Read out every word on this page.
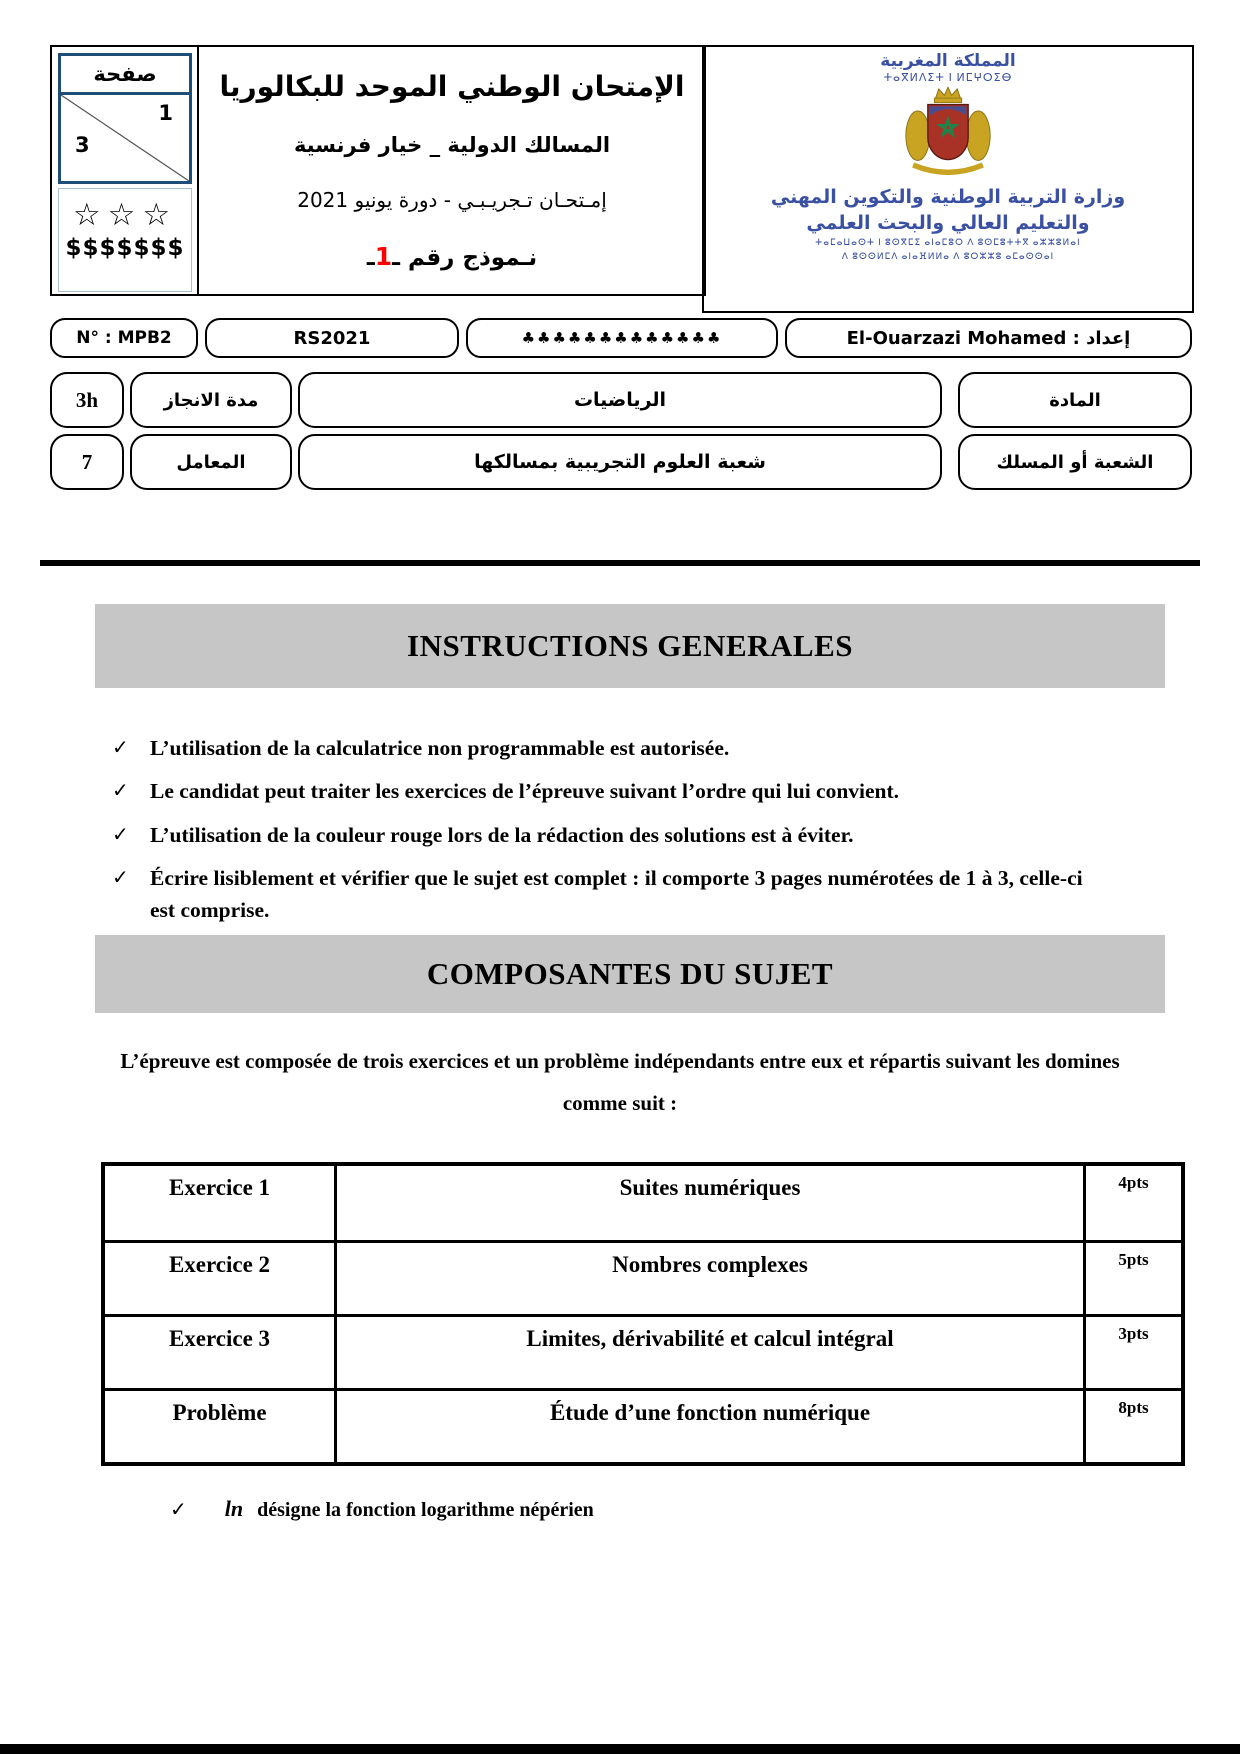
صفحة
1
3
☆☆☆
$$$$$$$
الإمتحان الوطني الموحد للبكالوريا
المسالك الدولية _ خيار فرنسية
إمـتحـان تـجريـبـي - دورة يونيو 2021
نـموذج رقم ـ1ـ
المملكة المغربية
ⵜⴰⴳⵍⴷⵉⵜ ⵏ ⵍⵎⵖⵔⵉⴱ
وزارة التربية الوطنية والتكوين المهني
والتعليم العالي والبحث العلمي
ⵜⴰⵎⴰⵡⴰⵙⵜ ⵏ ⵓⵙⴳⵎⵉ ⴰⵏⴰⵎⵓⵔ ⴷ ⵓⵙⵎⵓⵜⵜⴳ ⴰⵣⵣⵓⵍⴰⵏ
ⴷ ⵓⵙⵙⵍⵎⴷ ⴰⵏⴰⴼⵍⵍⴰ ⴷ ⵓⵔⵣⵣⵓ ⴰⵎⴰⵙⵙⴰⵏ
N° : MPB2	RS2021	♣♣♣♣♣♣♣♣♣♣♣♣♣	El-Ouarzazi Mohamed : إعداد
3h	مدة الانجاز	الرياضيات	المادة
7	المعامل	شعبة العلوم التجريبية بمسالكها	الشعبة أو المسلك
INSTRUCTIONS GENERALES
✓ L’utilisation de la calculatrice non programmable est autorisée.
✓ Le candidat peut traiter les exercices de l’épreuve suivant l’ordre qui lui convient.
✓ L’utilisation de la couleur rouge lors de la rédaction des solutions est à éviter.
✓ Écrire lisiblement et vérifier que le sujet est complet : il comporte 3 pages numérotées de 1 à 3, celle-ci est comprise.
COMPOSANTES DU SUJET
L’épreuve est composée de trois exercices et un problème indépendants entre eux et répartis suivant les domines comme suit :
Exercice 1	Suites numériques	4pts
Exercice 2	Nombres complexes	5pts
Exercice 3	Limites, dérivabilité et calcul intégral	3pts
Problème	Étude d’une fonction numérique	8pts
✓ ln désigne la fonction logarithme népérien
